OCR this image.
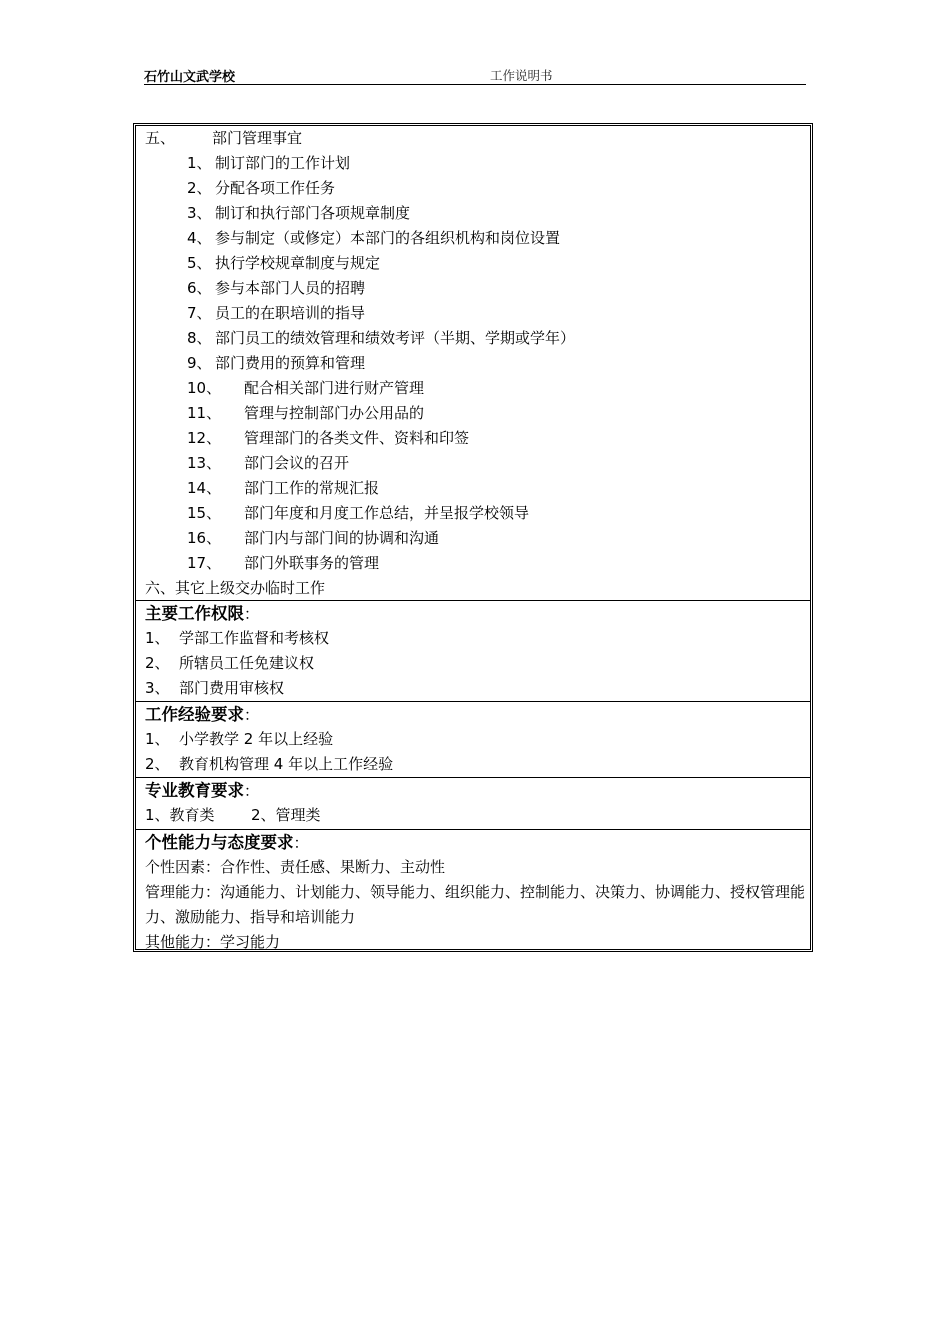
石竹山文武学校	工作说明书
五、 部门管理事宜
1、 制订部门的工作计划
2、 分配各项工作任务
3、 制订和执行部门各项规章制度
4、 参与制定（或修定）本部门的各组织机构和岗位设置
5、 执行学校规章制度与规定
6、 参与本部门人员的招聘
7、 员工的在职培训的指导
8、 部门员工的绩效管理和绩效考评（半期、学期或学年）
9、 部门费用的预算和管理
10、 配合相关部门进行财产管理
11、 管理与控制部门办公用品的
12、 管理部门的各类文件、资料和印签
13、 部门会议的召开
14、 部门工作的常规汇报
15、 部门年度和月度工作总结，并呈报学校领导
16、 部门内与部门间的协调和沟通
17、 部门外联事务的管理
六、其它上级交办临时工作
主要工作权限：
1、 学部工作监督和考核权
2、 所辖员工任免建议权
3、 部门费用审核权
工作经验要求：
1、 小学教学 2 年以上经验
2、 教育机构管理 4 年以上工作经验
专业教育要求：
1、教育类 2、管理类
个性能力与态度要求：
个性因素：合作性、责任感、果断力、主动性
管理能力：沟通能力、计划能力、领导能力、组织能力、控制能力、决策力、协调能力、授权管理能力、激励能力、指导和培训能力
其他能力：学习能力
